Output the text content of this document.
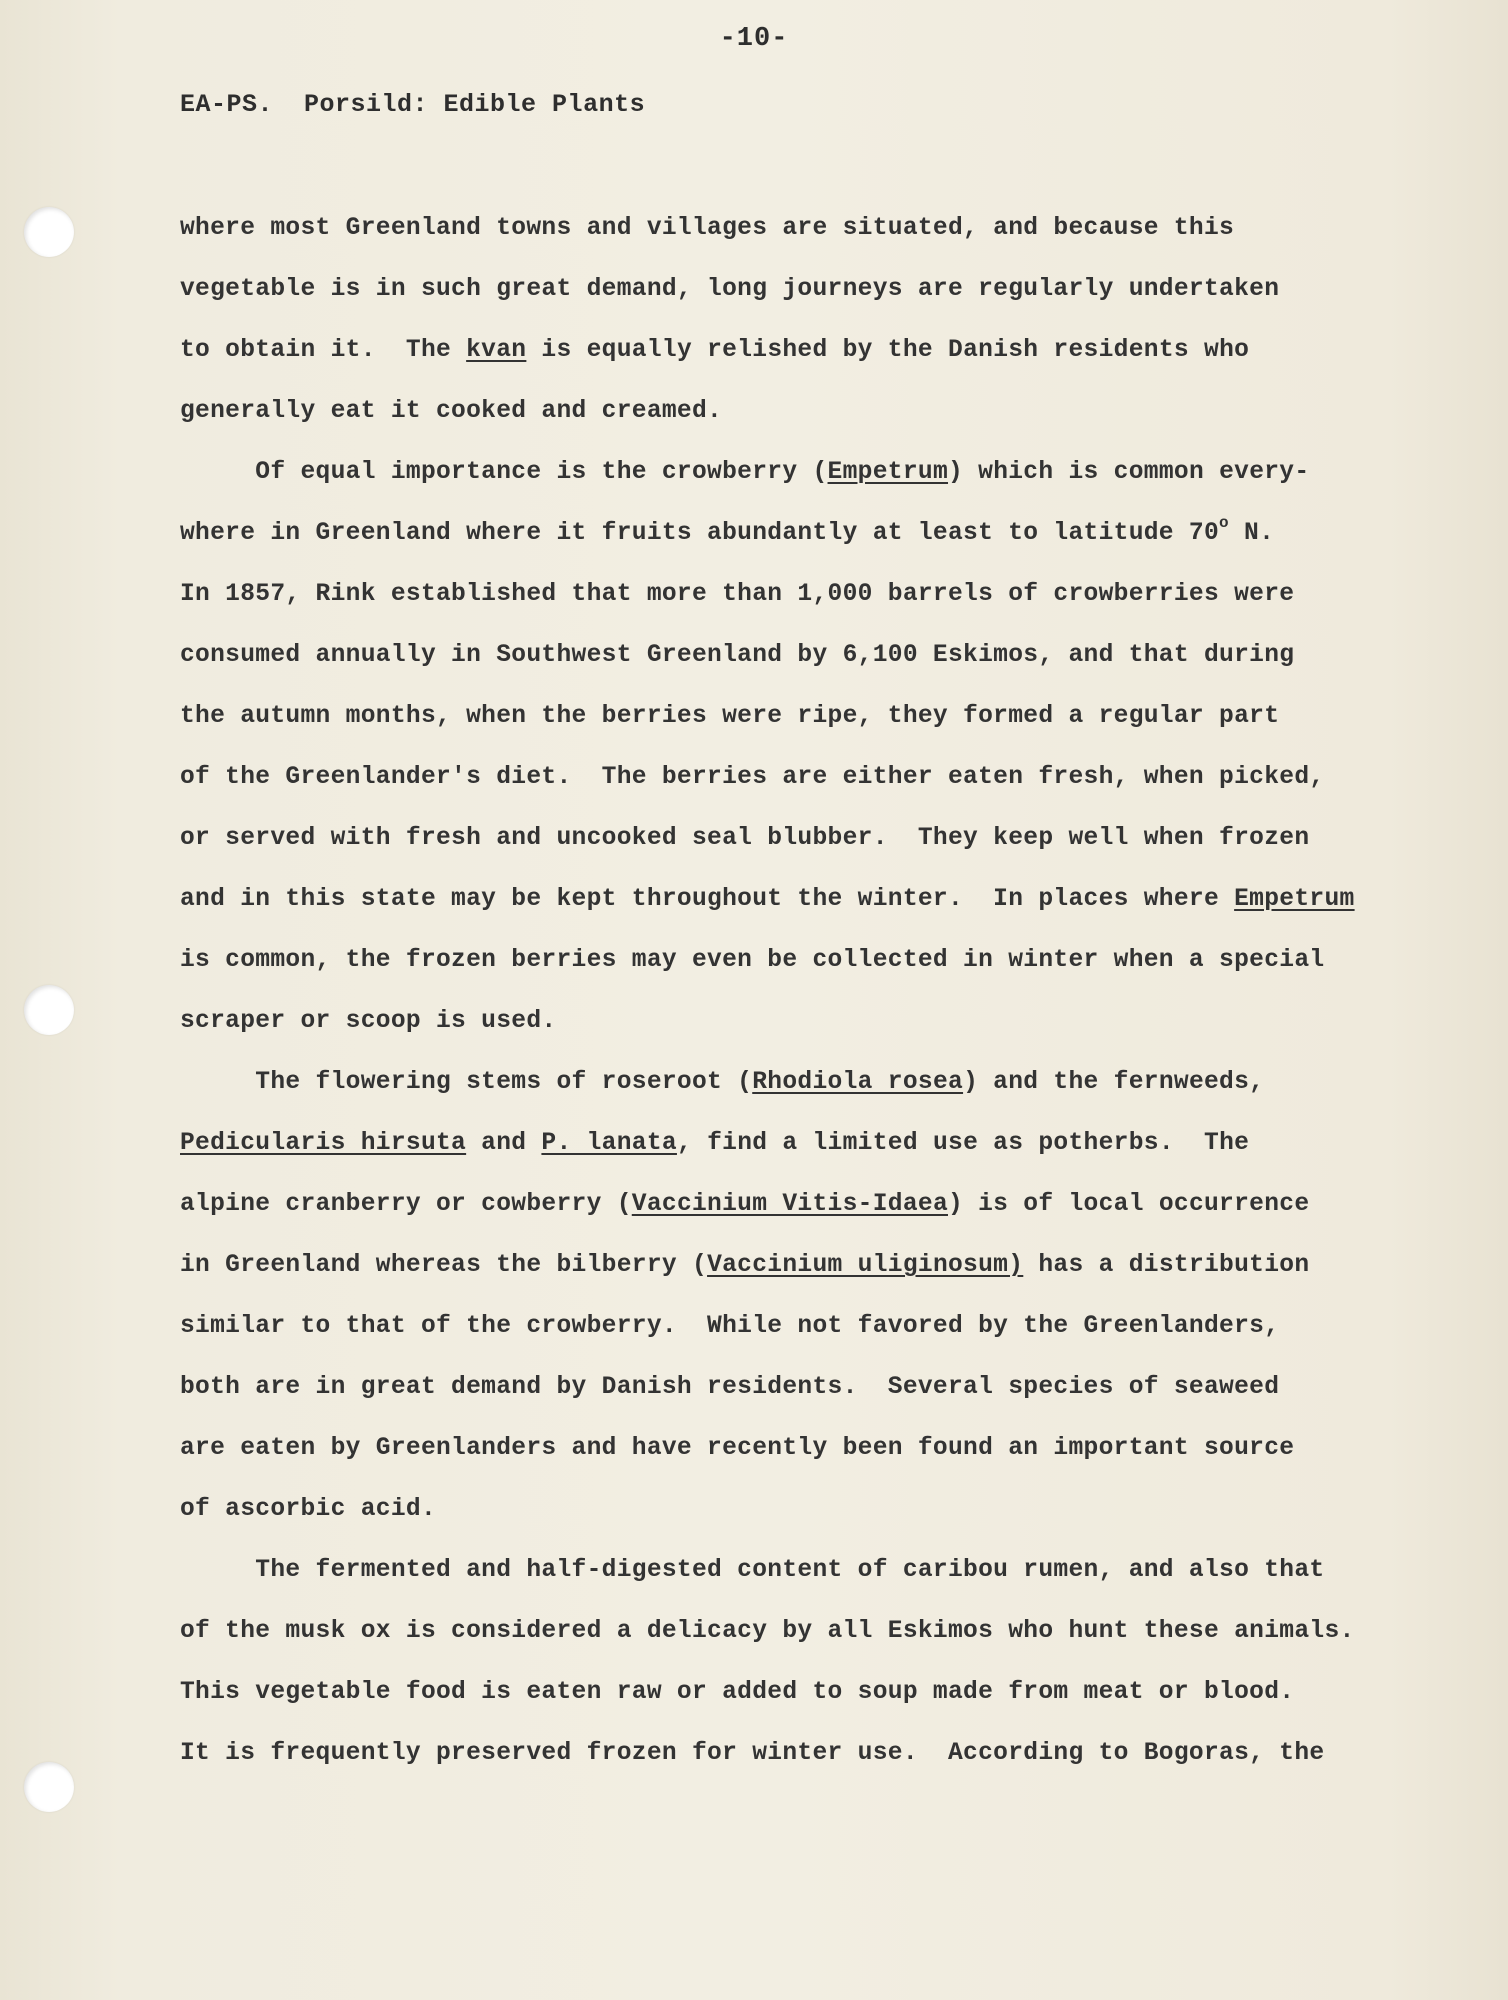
-10-
EA-PS.  Porsild: Edible Plants
where most Greenland towns and villages are situated, and because this
vegetable is in such great demand, long journeys are regularly undertaken
to obtain it.  The kvan is equally relished by the Danish residents who
generally eat it cooked and creamed.
Of equal importance is the crowberry (Empetrum) which is common every-
where in Greenland where it fruits abundantly at least to latitude 70$^o$ N.
In 1857, Rink established that more than 1,000 barrels of crowberries were
consumed annually in Southwest Greenland by 6,100 Eskimos, and that during
the autumn months, when the berries were ripe, they formed a regular part
of the Greenlander's diet.  The berries are either eaten fresh, when picked,
or served with fresh and uncooked seal blubber.  They keep well when frozen
and in this state may be kept throughout the winter.  In places where Empetrum
is common, the frozen berries may even be collected in winter when a special
scraper or scoop is used.
The flowering stems of roseroot (Rhodiola rosea) and the fernweeds,
Pedicularis hirsuta and P. lanata, find a limited use as potherbs.  The
alpine cranberry or cowberry (Vaccinium Vitis-Idaea) is of local occurrence
in Greenland whereas the bilberry (Vaccinium uliginosum) has a distribution
similar to that of the crowberry.  While not favored by the Greenlanders,
both are in great demand by Danish residents.  Several species of seaweed
are eaten by Greenlanders and have recently been found an important source
of ascorbic acid.
The fermented and half-digested content of caribou rumen, and also that
of the musk ox is considered a delicacy by all Eskimos who hunt these animals.
This vegetable food is eaten raw or added to soup made from meat or blood.
It is frequently preserved frozen for winter use.  According to Bogoras, the
